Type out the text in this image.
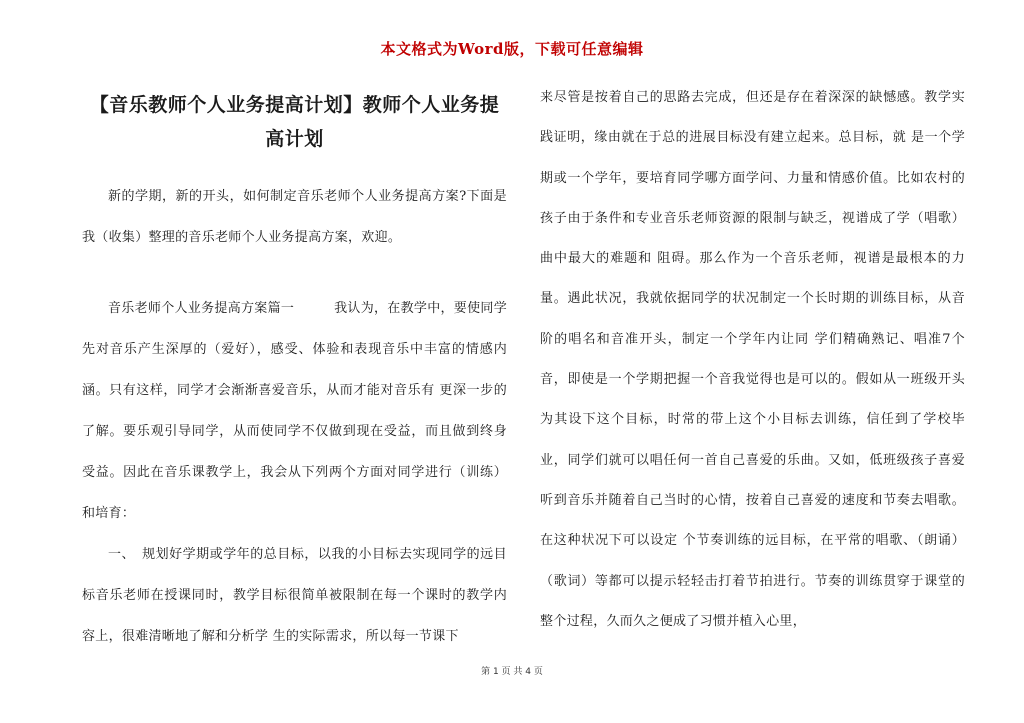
本文格式为Word版，下载可任意编辑
【音乐教师个人业务提高计划】教师个人业务提高计划

新的学期，新的开头，如何制定音乐老师个人业务提高方案?下面是我（收集）整理的音乐老师个人业务提高方案，欢迎。

音乐老师个人业务提高方案篇一　　　我认为，在教学中，要使同学先对音乐产生深厚的（爱好），感受、体验和表现音乐中丰富的情感内涵。只有这样，同学才会渐渐喜爱音乐，从而才能对音乐有 更深一步的了解。要乐观引导同学，从而使同学不仅做到现在受益，而且做到终身受益。因此在音乐课教学上，我会从下列两个方面对同学进行（训练）和培育：

一、　规划好学期或学年的总目标，以我的小目标去实现同学的远目标音乐老师在授课同时，教学目标很简单被限制在每一个课时的教学内容上，很难清晰地了解和分析学 生的实际需求，所以每一节课下

来尽管是按着自己的思路去完成，但还是存在着深深的缺憾感。教学实践证明，缘由就在于总的进展目标没有建立起来。总目标，就 是一个学期或一个学年，要培育同学哪方面学问、力量和情感价值。比如农村的孩子由于条件和专业音乐老师资源的限制与缺乏，视谱成了学（唱歌）曲中最大的难题和 阻碍。那么作为一个音乐老师，视谱是最根本的力量。遇此状况，我就依据同学的状况制定一个长时期的训练目标，从音阶的唱名和音准开头，制定一个学年内让同 学们精确熟记、唱准7个音，即使是一个学期把握一个音我觉得也是可以的。假如从一班级开头为其设下这个目标，时常的带上这个小目标去训练，信任到了学校毕 业，同学们就可以唱任何一首自己喜爱的乐曲。又如，低班级孩子喜爱听到音乐并随着自己当时的心情，按着自己喜爱的速度和节奏去唱歌。在这种状况下可以设定 个节奏训练的远目标，在平常的唱歌、（朗诵）（歌词）等都可以提示轻轻击打着节拍进行。节奏的训练贯穿于课堂的整个过程，久而久之便成了习惯并植入心里，

第 1 页 共 4 页
